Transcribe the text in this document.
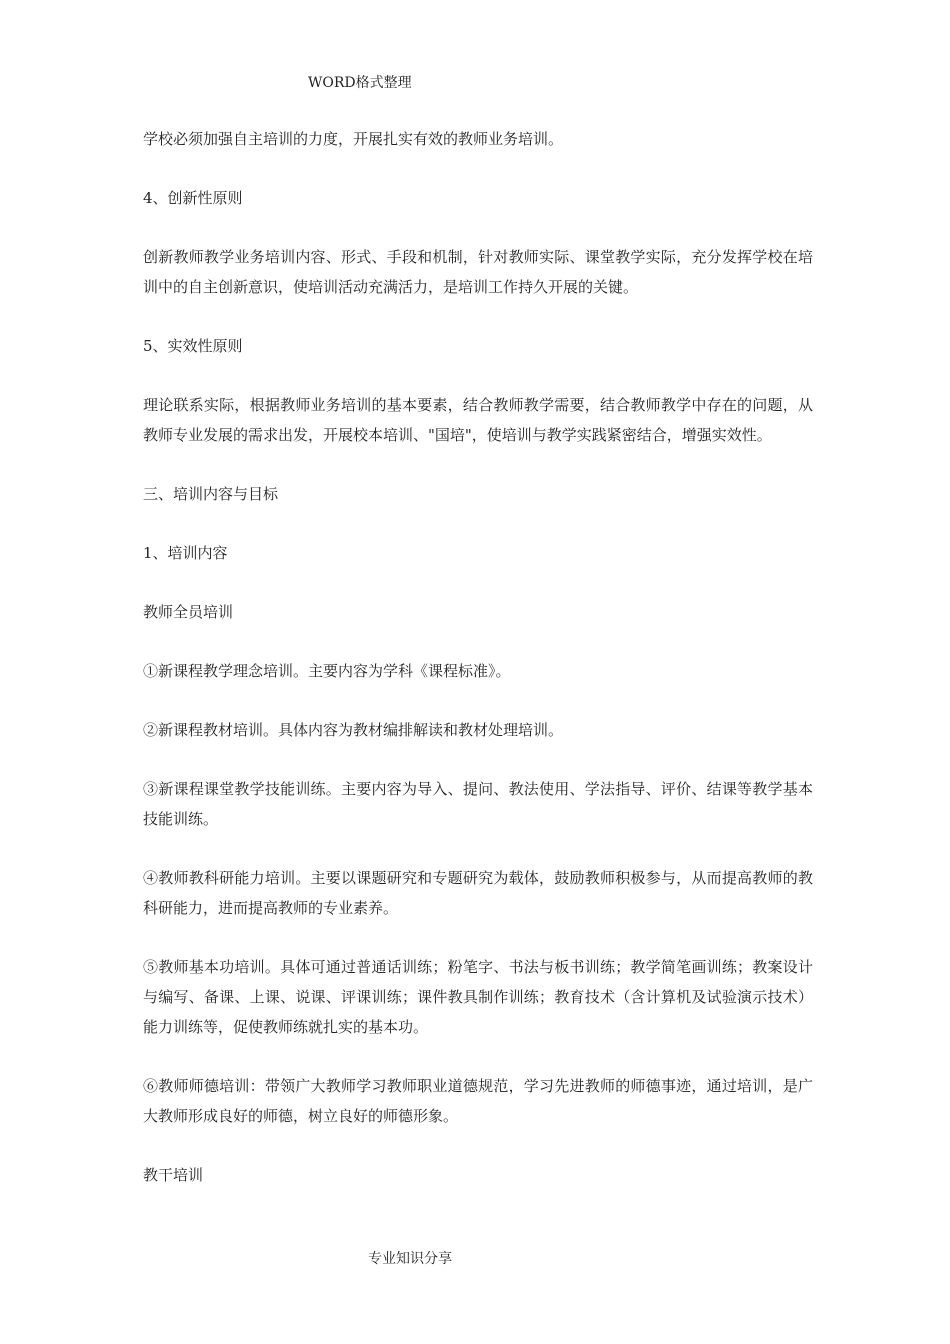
WORD格式整理

学校必须加强自主培训的力度，开展扎实有效的教师业务培训。

4、创新性原则

创新教师教学业务培训内容、形式、手段和机制，针对教师实际、课堂教学实际，充分发挥学校在培训中的自主创新意识，使培训活动充满活力，是培训工作持久开展的关键。

5、实效性原则

理论联系实际，根据教师业务培训的基本要素，结合教师教学需要，结合教师教学中存在的问题，从教师专业发展的需求出发，开展校本培训、"国培"，使培训与教学实践紧密结合，增强实效性。

三、培训内容与目标

1、培训内容

教师全员培训

①新课程教学理念培训。主要内容为学科《课程标准》。

②新课程教材培训。具体内容为教材编排解读和教材处理培训。

③新课程课堂教学技能训练。主要内容为导入、提问、教法使用、学法指导、评价、结课等教学基本技能训练。

④教师教科研能力培训。主要以课题研究和专题研究为载体，鼓励教师积极参与，从而提高教师的教科研能力，进而提高教师的专业素养。

⑤教师基本功培训。具体可通过普通话训练；粉笔字、书法与板书训练；教学简笔画训练；教案设计与编写、备课、上课、说课、评课训练；课件教具制作训练；教育技术（含计算机及试验演示技术）能力训练等，促使教师练就扎实的基本功。

⑥教师师德培训：带领广大教师学习教师职业道德规范，学习先进教师的师德事迹，通过培训，是广大教师形成良好的师德，树立良好的师德形象。

教干培训

专业知识分享
